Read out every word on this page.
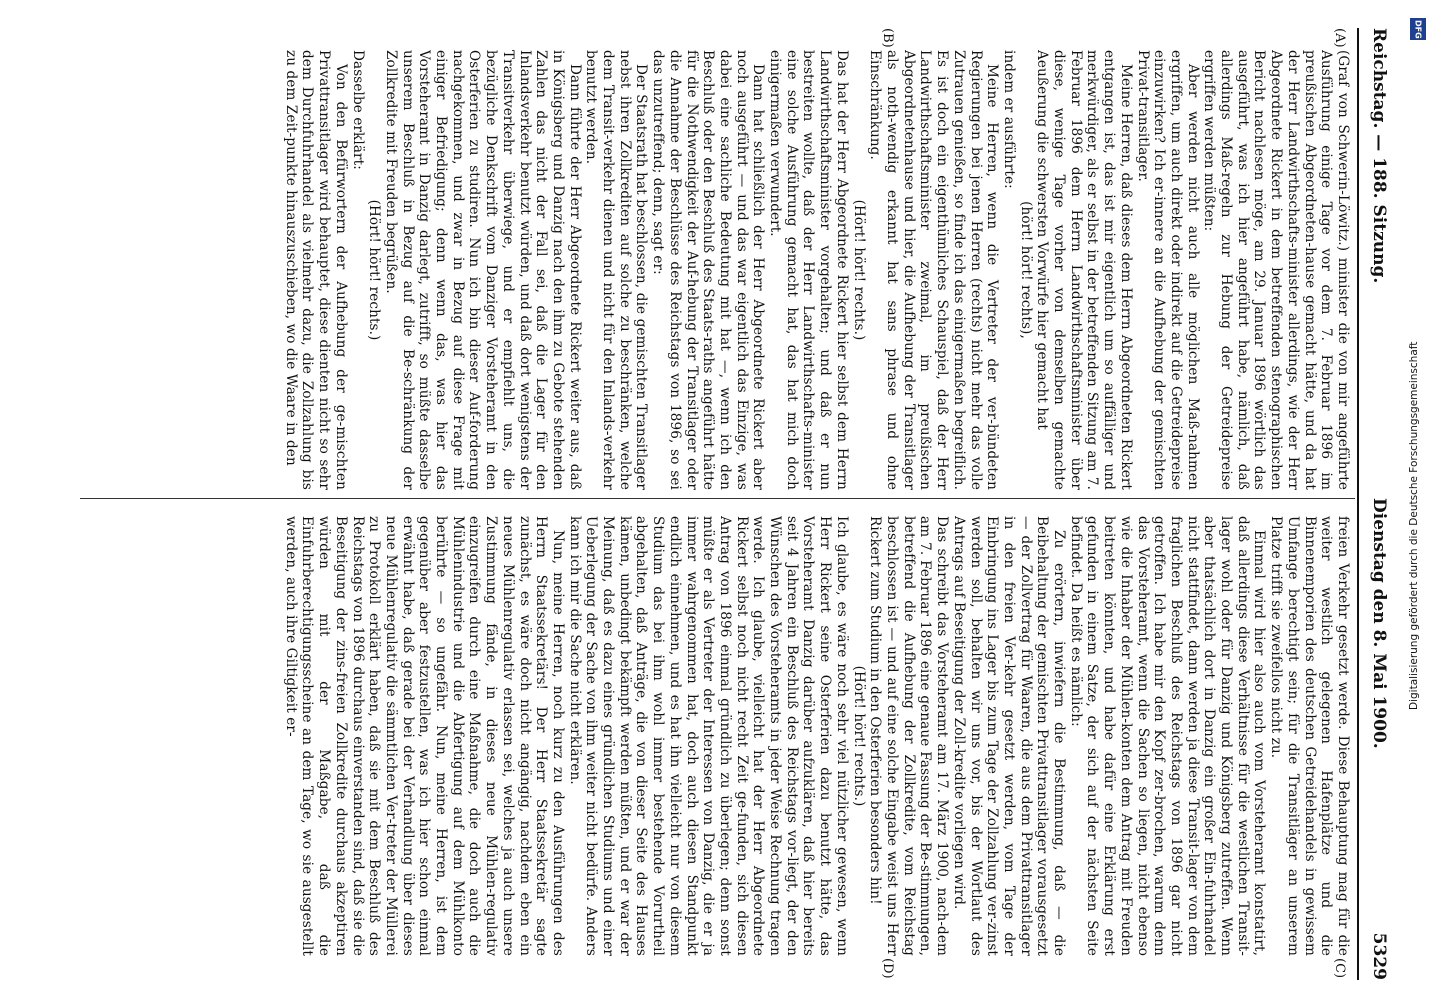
Reichstag. — 188. Sitzung.
Dienstag den 8. Mai 1900.
5329
(A)
(B)
(C)
(D)

(Graf von Schwerin-Löwitz.) minister die von mir angeführte Ausführung einige Tage vor dem 7. Februar 1896 im preußischen Abgeordneten-hause gemacht hätte, und da hat der Herr Landwirthschafts-minister allerdings, wie der Herr Abgeordnete Rickert in dem betreffenden stenographischen Bericht nachlesen möge, am 29. Januar 1896 wörtlich das ausgeführt, was ich hier angeführt habe, nämlich, daß allerdings Maß-regeln zur Hebung der Getreidepreise ergriffen werden müßten:

Aber werden nicht auch alle möglichen Maß-nahmen ergriffen, um auch direkt oder indirekt auf die Getreidepreise einzuwirken? Ich er-innere an die Aufhebung der gemischten Privat-transitlager.

Meine Herren, daß dieses dem Herrn Abgeordneten Rickert entgangen ist, das ist mir eigentlich um so auffälliger und merkwürdiger, als er selbst in der betreffenden Sitzung am 7. Februar 1896 dem Herrn Landwirthschaftsminister über diese, wenige Tage vorher von demselben gemachte Aeußerung die schwersten Vorwürfe hier gemacht hat

(hört! hört! rechts),

indem er ausführte:

Meine Herren, wenn die Vertreter der ver-bündeten Regierungen bei jenen Herren (rechts) nicht mehr das volle Zutrauen genießen, so finde ich das einigermaßen begreiflich. Es ist doch ein eigenthümliches Schauspiel, daß der Herr Landwirthschaftsminister zweimal, im preußischen Abgeordnetenhause und hier, die Aufhebung der Transitlager als noth-wendig erkannt hat sans phrase und ohne Einschränkung.

(Hört! hört! rechts.)

Das hat der Herr Abgeordnete Rickert hier selbst dem Herrn Landwirthschaftsminister vorgehalten; und daß er nun bestreiten wollte, daß der Herr Landwirthschafts-minister eine solche Ausführung gemacht hat, das hat mich doch einigermaßen verwundert.

Dann hat schließlich der Herr Abgeordnete Rickert aber noch ausgeführt — und das war eigentlich das Einzige, was dabei eine sachliche Bedeutung mit hat —, wenn ich den Beschluß oder den Beschluß des Staats-raths angeführt hätte für die Nothwendigkeit der Auf-hebung der Transitlager oder die Annahme der Beschlüsse des Reichstags von 1896, so sei das unzutreffend; denn, sagt er:

Der Staatsrath hat beschlossen, die gemischten Transitlager nebst ihren Zollkrediten auf solche zu beschränken, welche dem Transit-verkehr dienen und nicht für den Inlands-verkehr benutzt werden.

Dann führte der Herr Abgeordnete Rickert weiter aus, daß in Königsberg und Danzig nach den ihm zu Gebote stehenden Zahlen das nicht der Fall sei, daß die Lager für den Inlandsverkehr benutzt würden, und daß dort wenigstens der Transitverkehr überwiege, und er empfiehlt uns, die bezügliche Denkschrift vom Danziger Vorsteheramt in den Osterferien zu studiren. Nun ich bin dieser Auf-forderung nachgekommen, und zwar in Bezug auf diese Frage mit einiger Befriedigung; denn wenn das, was hier das Vorsteheramt in Danzig darlegt, zutrifft, so müßte dasselbe unserem Beschluß in Bezug auf die Be-schränkung der Zollkredite mit Freuden begrüßen.

(Hört! hört! rechts.)

Dasselbe erklärt:

Von den Befürwortern der Aufhebung der ge-mischten Privattransitlager wird behauptet, diese dienten nicht so sehr dem Durchfuhrhandel als vielmehr dazu, die Zollzahlung bis zu dem Zeit-punkte hinauszuschieben, wo die Waare in den

freien Verkehr gesetzt werde. Diese Behauptung mag für die weiter westlich gelegenen Hafenplätze und die Binnenemporien des deutschen Getreidehandels in gewissem Umfange berechtigt sein; für die Transitläger an unserem Platze trifft sie zweifellos nicht zu.

Einmal wird hier also auch vom Vorsteheramt konstatirt, daß allerdings diese Verhältnisse für die westlichen Transit-lager wohl oder für Danzig und Königsberg zutreffen. Wenn aber thatsächlich dort in Danzig ein großer Ein-fuhrhandel nicht stattfindet, dann werden ja diese Transit-lager von dem fraglichen Beschluß des Reichstags von 1896 gar nicht getroffen. Ich habe mir den Kopf zer-brochen, warum denn das Vorsteheramt, wenn die Sachen so liegen, nicht ebenso wie die Inhaber der Mühlen-konten dem Antrag mit Freuden beitreten könnten, und habe dafür eine Erklärung erst gefunden in einem Satze, der sich auf der nächsten Seite befindet. Da heißt es nämlich:

Zu erörtern, inwiefern die Bestimmung, daß — die Beibehaltung der gemischten Privattransitlager vorausgesetzt — der Zollvertrag für Waaren, die aus dem Privattransitlager in den freien Ver-kehr gesetzt werden, vom Tage der Einbringung ins Lager bis zum Tage der Zollzahlung ver-zinst werden soll, behalten wir uns vor, bis der Wortlaut des Antrags auf Beseitigung der Zoll-kredite vorliegen wird.

Das schreibt das Vorsteheramt am 17. März 1900, nach-dem am 7. Februar 1896 eine genaue Fassung der Be-stimmungen, betreffend die Aufhebung der Zollkredite, vom Reichstag beschlossen ist — und auf eine solche Eingabe weist uns Herr Rickert zum Studium in den Osterferien besonders hin!

(Hört! hört! rechts.)

Ich glaube, es wäre noch sehr viel nützlicher gewesen, wenn Herr Rickert seine Osterferien dazu benutzt hätte, das Vorsteheramt Danzig darüber aufzuklären, daß hier bereits seit 4 Jahren ein Beschluß des Reichstags vor-liegt, der den Wünschen des Vorsteheramts in jeder Weise Rechnung tragen werde. Ich glaube, vielleicht hat der Herr Abgeordnete Rickert selbst noch nicht recht Zeit ge-funden, sich diesen Antrag von 1896 einmal gründlich zu überlegen; denn sonst müßte er als Vertreter der Interessen von Danzig, die er ja immer wahrgenommen hat, doch auch diesen Standpunkt endlich einnehmen, und es hat ihn vielleicht nur von diesem Studium das bei ihm wohl immer bestehende Vorurtheil abgehalten, daß Anträge, die von dieser Seite des Hauses kämen, unbedingt bekämpft werden müßten, und er war der Meinung, daß es dazu eines gründlichen Studiums und einer Ueberlegung der Sache von ihm weiter nicht bedürfe. Anders kann ich mir die Sache nicht erklären.

Nun, meine Herren, noch kurz zu den Ausführungen des Herrn Staatssekretärs! Der Herr Staatssekretär sagte zunächst, es wäre doch nicht angängig, nachdem eben ein neues Mühlenregulativ erlassen sei, welches ja auch unsere Zustimmung fände, in dieses neue Mühlen-regulativ einzugreifen durch eine Maßnahme, die doch auch die Mühlenindustrie und die Abfertigung auf dem Mühlkonto berührte — so ungefähr. Nun, meine Herren, ist dem gegenüber aber festzustellen, was ich hier schon einmal erwähnt habe, daß gerade bei der Verhandlung über dieses neue Mühlenregulativ die sämmtlichen Ver-treter der Müllerei zu Protokoll erklärt haben, daß sie mit dem Beschluß des Reichstags von 1896 durchaus einverstanden sind, daß sie die Beseitigung der zins-freien Zollkredite durchaus akzeptiren würden mit der Maßgabe, daß die Einfuhrberechtigungsscheine an dem Tage, wo sie ausgestellt werden, auch ihre Giltigkeit er-

DFG
Digitalisierung gefördert durch die Deutsche Forschungsgemeinschaft
